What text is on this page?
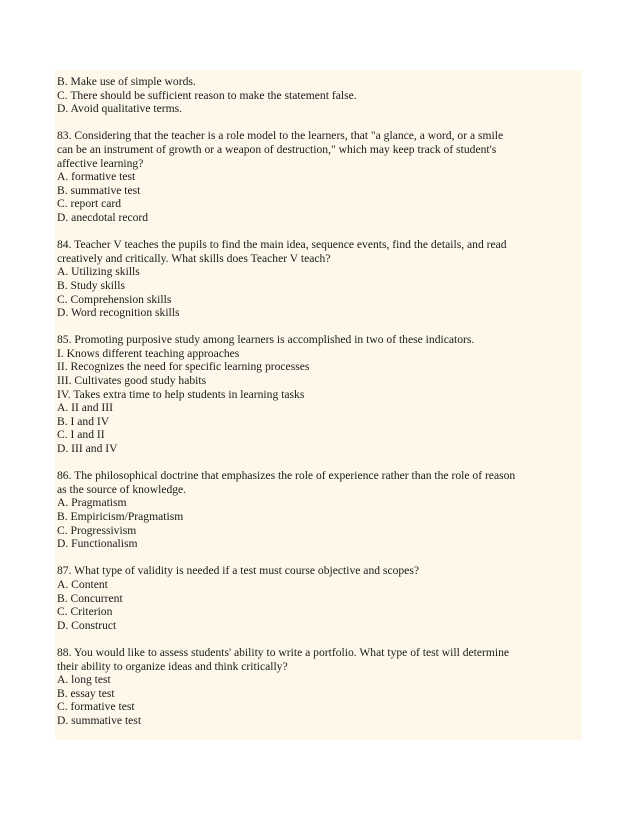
B. Make use of simple words.
C. There should be sufficient reason to make the statement false.
D. Avoid qualitative terms.
83. Considering that the teacher is a role model to the learners, that "a glance, a word, or a smile
can be an instrument of growth or a weapon of destruction," which may keep track of student's
affective learning?
A. formative test
B. summative test
C. report card
D. anecdotal record
84. Teacher V teaches the pupils to find the main idea, sequence events, find the details, and read
creatively and critically. What skills does Teacher V teach?
A. Utilizing skills
B. Study skills
C. Comprehension skills
D. Word recognition skills
85. Promoting purposive study among learners is accomplished in two of these indicators.
I. Knows different teaching approaches
II. Recognizes the need for specific learning processes
III. Cultivates good study habits
IV. Takes extra time to help students in learning tasks
A. II and III
B. I and IV
C. I and II
D. III and IV
86. The philosophical doctrine that emphasizes the role of experience rather than the role of reason
as the source of knowledge.
A. Pragmatism
B. Empiricism/Pragmatism
C. Progressivism
D. Functionalism
87. What type of validity is needed if a test must course objective and scopes?
A. Content
B. Concurrent
C. Criterion
D. Construct
88. You would like to assess students' ability to write a portfolio. What type of test will determine
their ability to organize ideas and think critically?
A. long test
B. essay test
C. formative test
D. summative test
